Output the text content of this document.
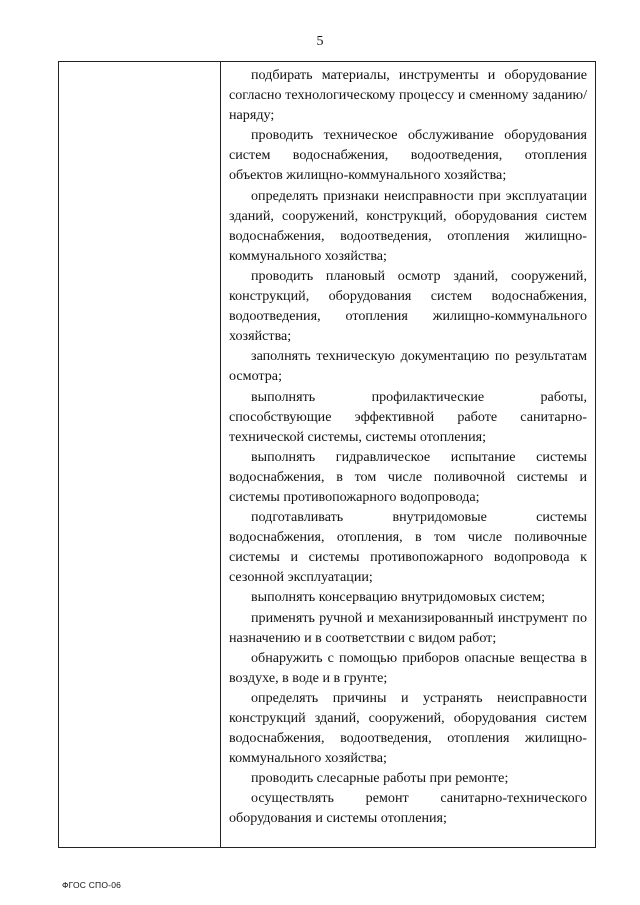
5

подбирать материалы, инструменты и оборудование согласно технологическому процессу и сменному заданию/наряду;

проводить техническое обслуживание оборудования систем водоснабжения, водоотведения, отопления объектов жилищно-коммунального хозяйства;

определять признаки неисправности при эксплуатации зданий, сооружений, конструкций, оборудования систем водоснабжения, водоотведения, отопления жилищно-коммунального хозяйства;

проводить плановый осмотр зданий, сооружений, конструкций, оборудования систем водоснабжения, водоотведения, отопления жилищно-коммунального хозяйства;

заполнять техническую документацию по результатам осмотра;

выполнять профилактические работы, способствующие эффективной работе санитарно-технической системы, системы отопления;

выполнять гидравлическое испытание системы водоснабжения, в том числе поливочной системы и системы противопожарного водопровода;

подготавливать внутридомовые системы водоснабжения, отопления, в том числе поливочные системы и системы противопожарного водопровода к сезонной эксплуатации;

выполнять консервацию внутридомовых систем;

применять ручной и механизированный инструмент по назначению и в соответствии с видом работ;

обнаружить с помощью приборов опасные вещества в воздухе, в воде и в грунте;

определять причины и устранять неисправности конструкций зданий, сооружений, оборудования систем водоснабжения, водоотведения, отопления жилищно-коммунального хозяйства;

проводить слесарные работы при ремонте;

осуществлять ремонт санитарно-технического оборудования и системы отопления;

ФГОС СПО-06
